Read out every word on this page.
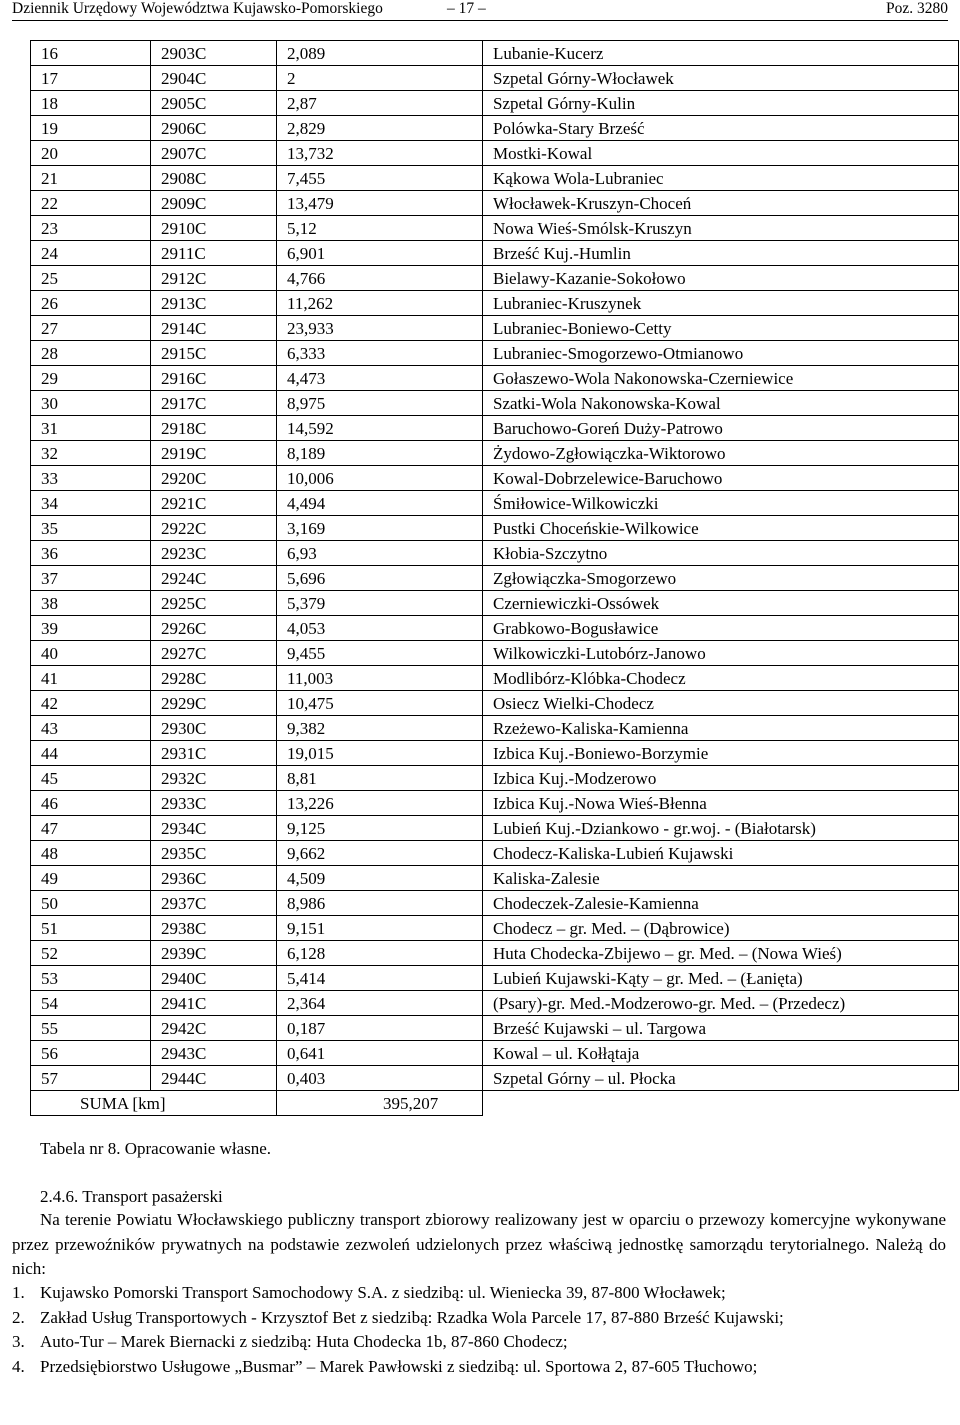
Dziennik Urzędowy Województwa Kujawsko-Pomorskiego	– 17 –	Poz. 3280
16	2903C	2,089	Lubanie-Kucerz
17	2904C	2	Szpetal Górny-Włocławek
18	2905C	2,87	Szpetal Górny-Kulin
19	2906C	2,829	Polówka-Stary Brześć
20	2907C	13,732	Mostki-Kowal
21	2908C	7,455	Kąkowa Wola-Lubraniec
22	2909C	13,479	Włocławek-Kruszyn-Choceń
23	2910C	5,12	Nowa Wieś-Smólsk-Kruszyn
24	2911C	6,901	Brześć Kuj.-Humlin
25	2912C	4,766	Bielawy-Kazanie-Sokołowo
26	2913C	11,262	Lubraniec-Kruszynek
27	2914C	23,933	Lubraniec-Boniewo-Cetty
28	2915C	6,333	Lubraniec-Smogorzewo-Otmianowo
29	2916C	4,473	Gołaszewo-Wola Nakonowska-Czerniewice
30	2917C	8,975	Szatki-Wola Nakonowska-Kowal
31	2918C	14,592	Baruchowo-Goreń Duży-Patrowo
32	2919C	8,189	Żydowo-Zgłowiączka-Wiktorowo
33	2920C	10,006	Kowal-Dobrzelewice-Baruchowo
34	2921C	4,494	Śmiłowice-Wilkowiczki
35	2922C	3,169	Pustki Choceńskie-Wilkowice
36	2923C	6,93	Kłobia-Szczytno
37	2924C	5,696	Zgłowiączka-Smogorzewo
38	2925C	5,379	Czerniewiczki-Ossówek
39	2926C	4,053	Grabkowo-Bogusławice
40	2927C	9,455	Wilkowiczki-Lutobórz-Janowo
41	2928C	11,003	Modlibórz-Klóbka-Chodecz
42	2929C	10,475	Osiecz Wielki-Chodecz
43	2930C	9,382	Rzeżewo-Kaliska-Kamienna
44	2931C	19,015	Izbica Kuj.-Boniewo-Borzymie
45	2932C	8,81	Izbica Kuj.-Modzerowo
46	2933C	13,226	Izbica Kuj.-Nowa Wieś-Błenna
47	2934C	9,125	Lubień Kuj.-Dziankowo - gr.woj. - (Białotarsk)
48	2935C	9,662	Chodecz-Kaliska-Lubień Kujawski
49	2936C	4,509	Kaliska-Zalesie
50	2937C	8,986	Chodeczek-Zalesie-Kamienna
51	2938C	9,151	Chodecz – gr. Med. – (Dąbrowice)
52	2939C	6,128	Huta Chodecka-Zbijewo – gr. Med. – (Nowa Wieś)
53	2940C	5,414	Lubień Kujawski-Kąty – gr. Med. – (Łanięta)
54	2941C	2,364	(Psary)-gr. Med.-Modzerowo-gr. Med. – (Przedecz)
55	2942C	0,187	Brześć Kujawski – ul. Targowa
56	2943C	0,641	Kowal – ul. Kołłątaja
57	2944C	0,403	Szpetal Górny – ul. Płocka
SUMA [km]		395,207	
Tabela nr 8. Opracowanie własne.
2.4.6. Transport pasażerski

Na terenie Powiatu Włocławskiego publiczny transport zbiorowy realizowany jest w oparciu o przewozy komercyjne wykonywane przez przewoźników prywatnych na podstawie zezwoleń udzielonych przez właściwą jednostkę samorządu terytorialnego. Należą do nich:

1. Kujawsko Pomorski Transport Samochodowy S.A. z siedzibą: ul. Wieniecka 39, 87-800 Włocławek;
2. Zakład Usług Transportowych - Krzysztof Bet z siedzibą: Rzadka Wola Parcele 17, 87-880 Brześć Kujawski;
3. Auto-Tur – Marek Biernacki z siedzibą: Huta Chodecka 1b, 87-860 Chodecz;
4. Przedsiębiorstwo Usługowe „Busmar” – Marek Pawłowski z siedzibą: ul. Sportowa 2, 87-605 Tłuchowo;
